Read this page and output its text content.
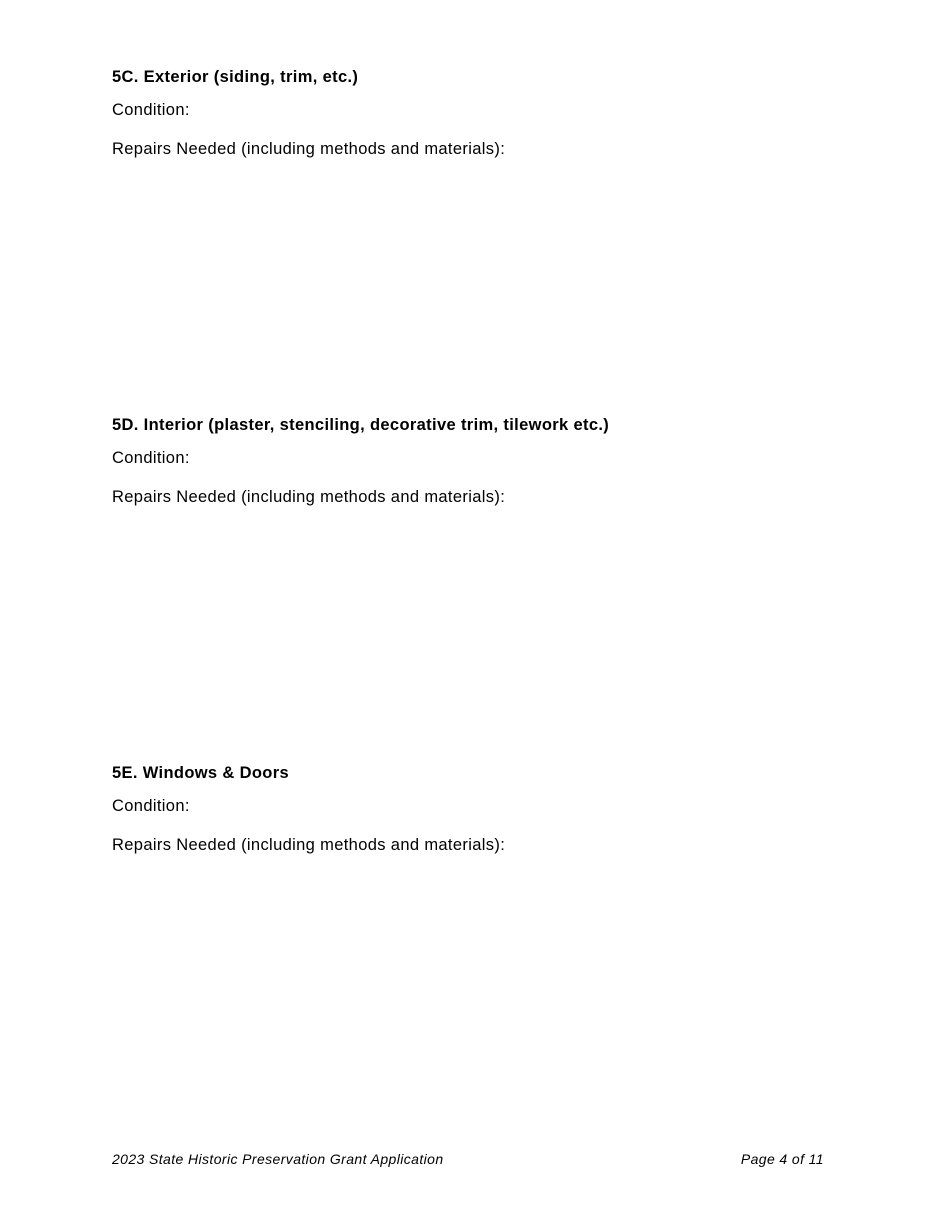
5C. Exterior (siding, trim, etc.)

Condition:

Repairs Needed (including methods and materials):

5D. Interior (plaster, stenciling, decorative trim, tilework etc.)

Condition:

Repairs Needed (including methods and materials):

5E. Windows & Doors

Condition:

Repairs Needed (including methods and materials):

2023 State Historic Preservation Grant Application	Page 4 of 11
